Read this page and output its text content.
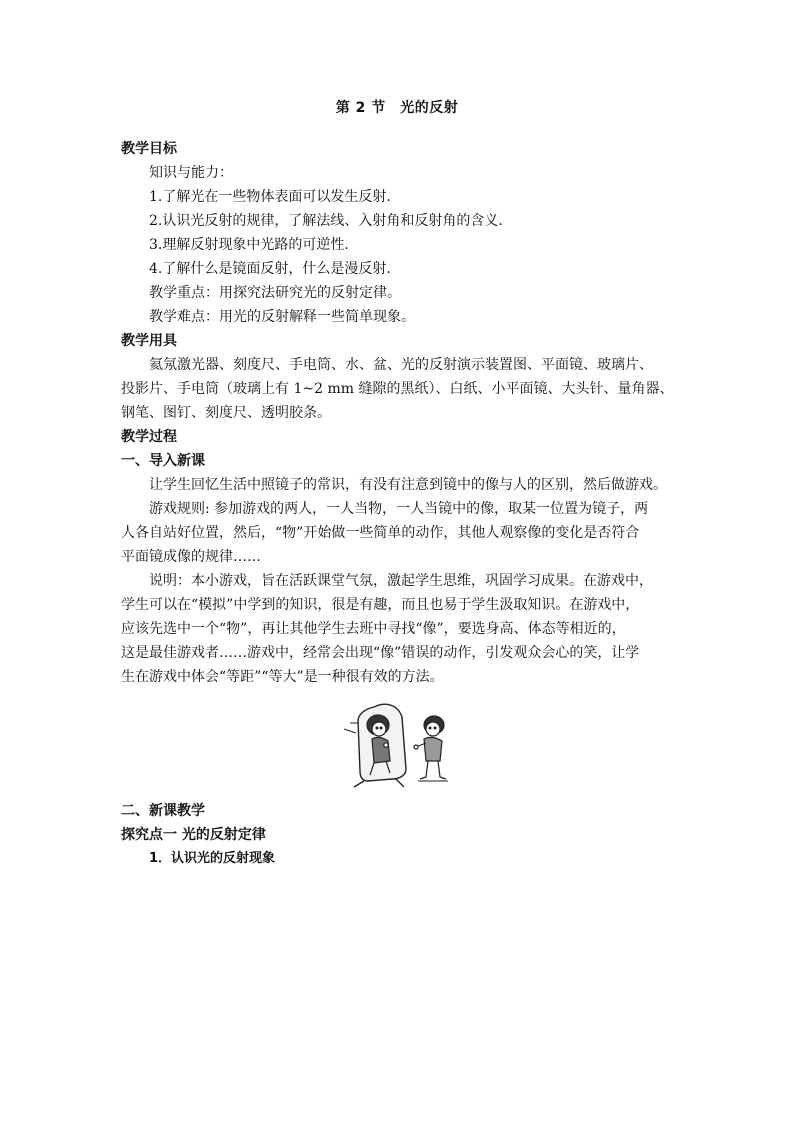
第 2 节　光的反射
教学目标
知识与能力：
1.了解光在一些物体表面可以发生反射.
2.认识光反射的规律，了解法线、入射角和反射角的含义.
3.理解反射现象中光路的可逆性.
4.了解什么是镜面反射，什么是漫反射.
教学重点：用探究法研究光的反射定律。
教学难点：用光的反射解释一些简单现象。
教学用具
氦氖激光器、刻度尺、手电筒、水、盆、光的反射演示装置图、平面镜、玻璃片、
投影片、手电筒（玻璃上有 1~2 mm 缝隙的黑纸）、白纸、小平面镜、大头针、量角器、
钢笔、图钉、刻度尺、透明胶条。
教学过程
一、导入新课
让学生回忆生活中照镜子的常识，有没有注意到镜中的像与人的区别，然后做游戏。
游戏规则: 参加游戏的两人，一人当物，一人当镜中的像，取某一位置为镜子，两
人各自站好位置，然后，“物”开始做一些简单的动作，其他人观察像的变化是否符合
平面镜成像的规律……
说明：本小游戏，旨在活跃课堂气氛，激起学生思维，巩固学习成果。在游戏中，
学生可以在“模拟”中学到的知识，很是有趣，而且也易于学生汲取知识。在游戏中，
应该先选中一个“物”，再让其他学生去班中寻找“像”，要选身高、体态等相近的，
这是最佳游戏者……游戏中，经常会出现“像”错误的动作，引发观众会心的笑，让学
生在游戏中体会“等距”“等大”是一种很有效的方法。
二、新课教学
探究点一 光的反射定律
1．认识光的反射现象
